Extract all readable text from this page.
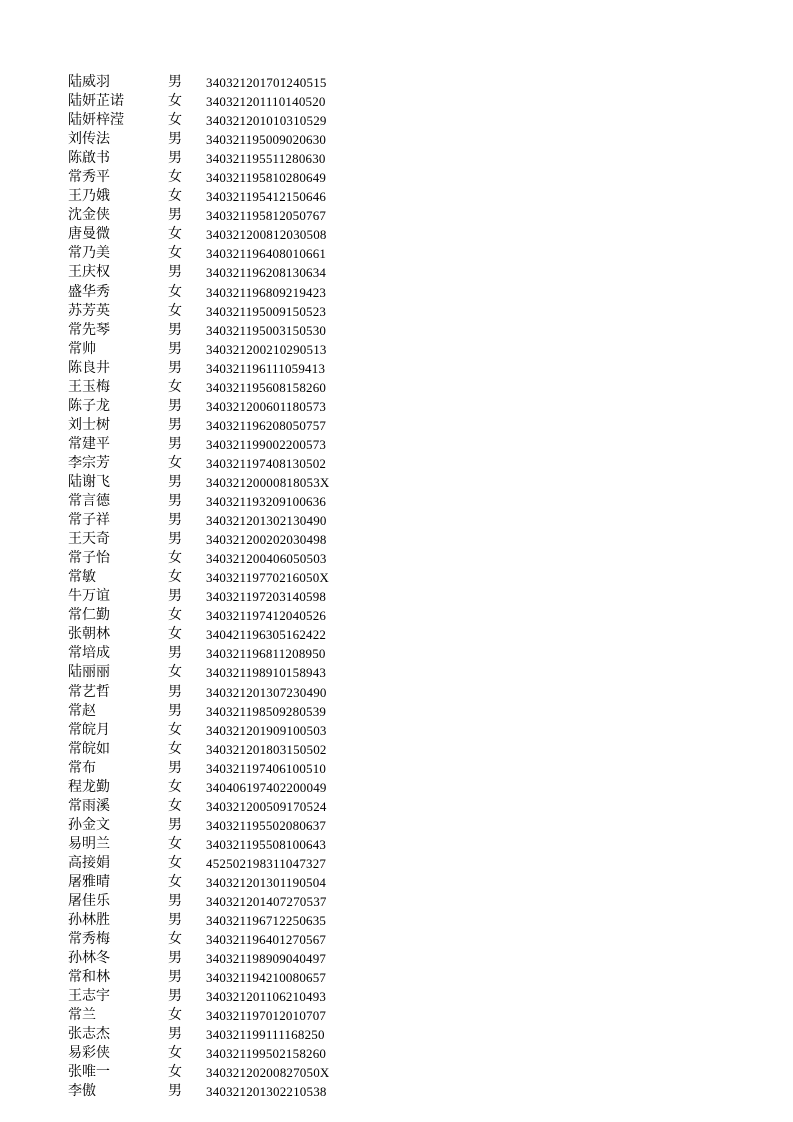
陆威羽	男	340321201701240515
陆妍芷诺	女	340321201110140520
陆妍梓滢	女	340321201010310529
刘传法	男	340321195009020630
陈啟书	男	340321195511280630
常秀平	女	340321195810280649
王乃娥	女	340321195412150646
沈金侠	男	340321195812050767
唐曼微	女	340321200812030508
常乃美	女	340321196408010661
王庆权	男	340321196208130634
盛华秀	女	340321196809219423
苏芳英	女	340321195009150523
常先琴	男	340321195003150530
常帅	男	340321200210290513
陈良井	男	340321196111059413
王玉梅	女	340321195608158260
陈子龙	男	340321200601180573
刘士树	男	340321196208050757
常建平	男	340321199002200573
李宗芳	女	340321197408130502
陆谢飞	男	34032120000818053X
常言德	男	340321193209100636
常子祥	男	340321201302130490
王天奇	男	340321200202030498
常子怡	女	340321200406050503
常敏	女	34032119770216050X
牛万谊	男	340321197203140598
常仁勤	女	340321197412040526
张朝林	女	340421196305162422
常培成	男	340321196811208950
陆丽丽	女	340321198910158943
常艺哲	男	340321201307230490
常赵	男	340321198509280539
常皖月	女	340321201909100503
常皖如	女	340321201803150502
常布	男	340321197406100510
程龙勤	女	340406197402200049
常雨溪	女	340321200509170524
孙金文	男	340321195502080637
易明兰	女	340321195508100643
高接娟	女	452502198311047327
屠雅晴	女	340321201301190504
屠佳乐	男	340321201407270537
孙林胜	男	340321196712250635
常秀梅	女	340321196401270567
孙林冬	男	340321198909040497
常和林	男	340321194210080657
王志宇	男	340321201106210493
常兰	女	340321197012010707
张志杰	男	340321199111168250
易彩侠	女	340321199502158260
张唯一	女	34032120200827050X
李傲	男	340321201302210538
